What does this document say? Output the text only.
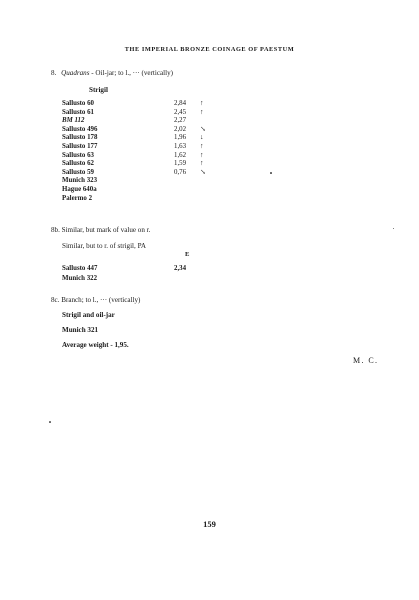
THE IMPERIAL BRONZE COINAGE OF PAESTUM
8. Quadrans - Oil-jar; to l., ··· (vertically)
Strigil
Sallusto 60	2,84 ↑
Sallusto 61	2,45 ↑
BM 112	2,27
Sallusto 496	2,02 ↘
Sallusto 178	1,96 ↓
Sallusto 177	1,63 ↑
Sallusto 63	1,62 ↑
Sallusto 62	1,59 ↑
Sallusto 59	0,76 ↘
Munich 323
Hague 640a
Palermo 2
8b. Similar, but mark of value on r.
Similar, but to r. of strigil, PA
E
Sallusto 447	2,34
Munich 322
8c. Branch; to l., ··· (vertically)
Strigil and oil-jar
Munich 321
Average weight - 1,95.
M. C.
159
